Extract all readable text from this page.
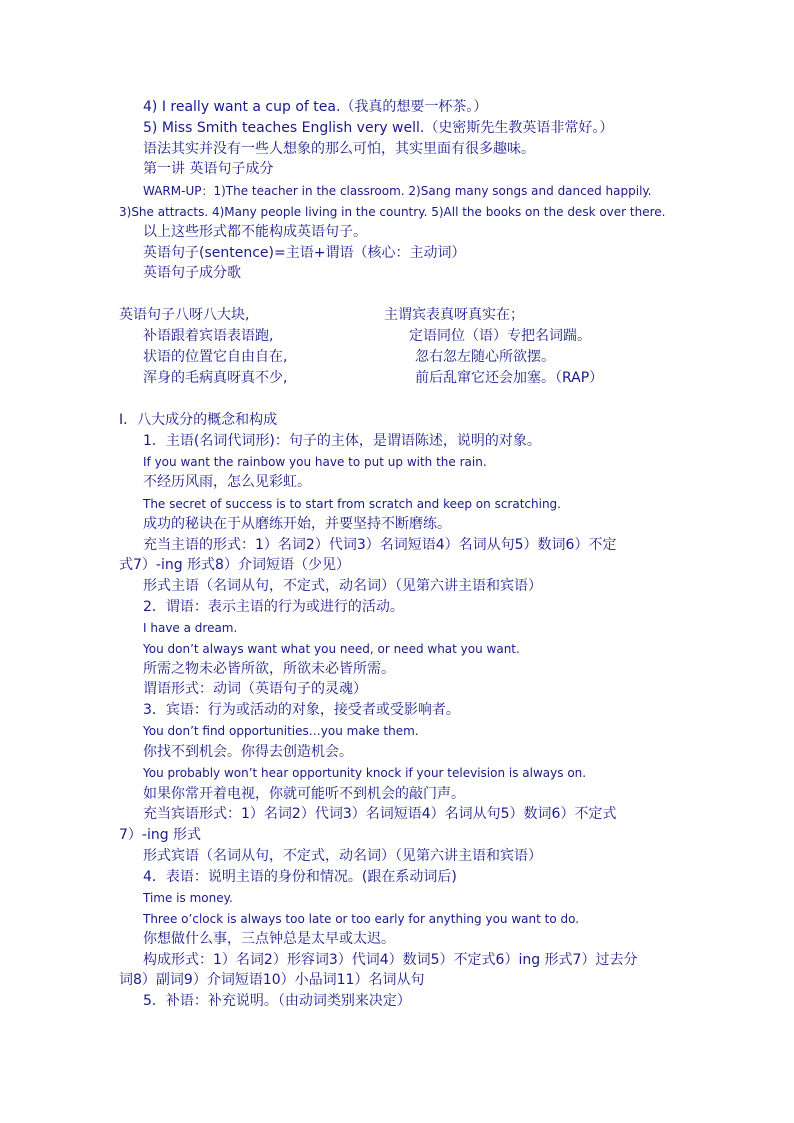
4) I really want a cup of tea.（我真的想要一杯茶。）
5) Miss Smith teaches English very well.（史密斯先生教英语非常好。）
语法其实并没有一些人想象的那么可怕，其实里面有很多趣味。
第一讲 英语句子成分
WARM-UP：1)The teacher in the classroom. 2)Sang many songs and danced happily.
3)She attracts. 4)Many people living in the country. 5)All the books on the desk over there.
以上这些形式都不能构成英语句子。
英语句子(sentence)=主语+谓语（核心：主动词）
英语句子成分歌
英语句子八呀八大块,	主谓宾表真呀真实在；
补语跟着宾语表语跑,	定语同位（语）专把名词踹。
状语的位置它自由自在,	忽右忽左随心所欲摆。
浑身的毛病真呀真不少,	前后乱窜它还会加塞。（RAP）
I．八大成分的概念和构成
1．主语(名词代词形)：句子的主体，是谓语陈述，说明的对象。
If you want the rainbow you have to put up with the rain.
不经历风雨，怎么见彩虹。
The secret of success is to start from scratch and keep on scratching.
成功的秘诀在于从磨练开始，并要坚持不断磨练。
充当主语的形式：1）名词2）代词3）名词短语4）名词从句5）数词6）不定
式7）-ing 形式8）介词短语（少见）
形式主语（名词从句，不定式，动名词）（见第六讲主语和宾语）
2．谓语：表示主语的行为或进行的活动。
I have a dream.
You don’t always want what you need, or need what you want.
所需之物未必皆所欲，所欲未必皆所需。
谓语形式：动词（英语句子的灵魂）
3．宾语：行为或活动的对象，接受者或受影响者。
You don’t find opportunities…you make them.
你找不到机会。你得去创造机会。
You probably won’t hear opportunity knock if your television is always on.
如果你常开着电视，你就可能听不到机会的敲门声。
充当宾语形式：1）名词2）代词3）名词短语4）名词从句5）数词6）不定式
7）-ing 形式
形式宾语（名词从句，不定式，动名词）（见第六讲主语和宾语）
4．表语：说明主语的身份和情况。(跟在系动词后)
Time is money.
Three o’clock is always too late or too early for anything you want to do.
你想做什么事，三点钟总是太早或太迟。
构成形式：1）名词2）形容词3）代词4）数词5）不定式6）ing 形式7）过去分
词8）副词9）介词短语10）小品词11）名词从句
5．补语：补充说明。（由动词类别来决定）
